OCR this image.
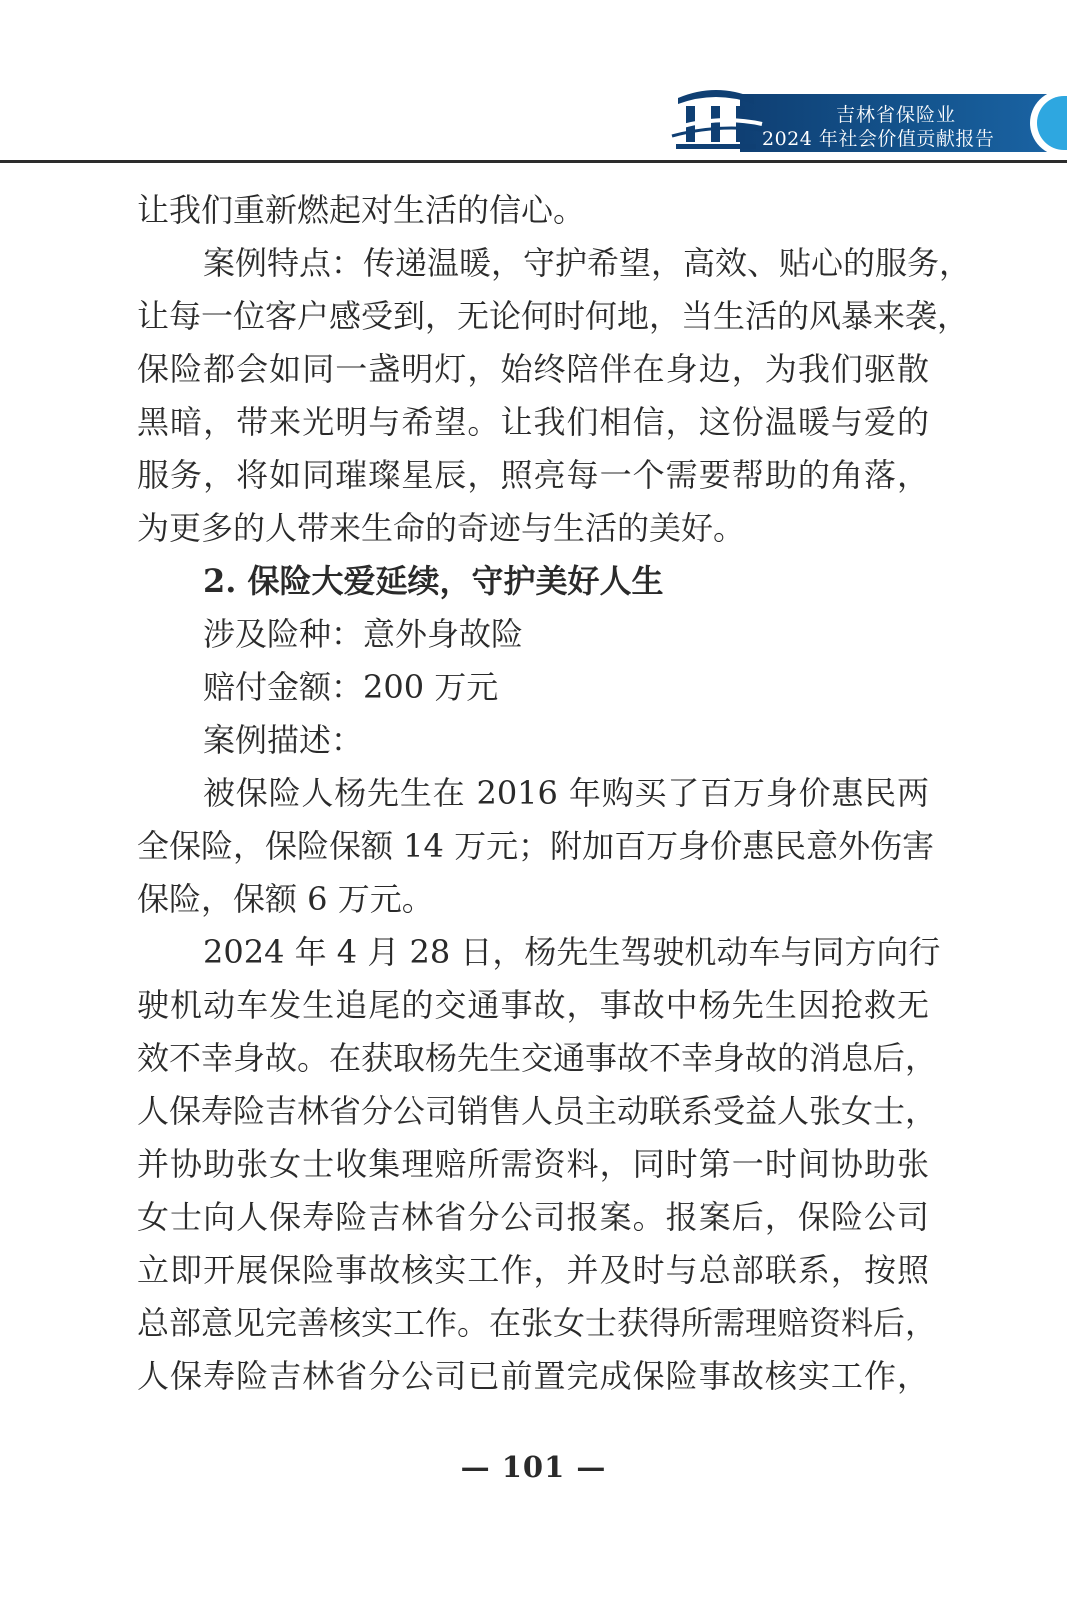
吉林省保险业
2024 年社会价值贡献报告
让我们重新燃起对生活的信心。
案例特点：传递温暖，守护希望，高效、贴心的服务，
让每一位客户感受到，无论何时何地，当生活的风暴来袭，
保险都会如同一盏明灯，始终陪伴在身边，为我们驱散
黑暗，带来光明与希望。让我们相信，这份温暖与爱的
服务，将如同璀璨星辰，照亮每一个需要帮助的角落，
为更多的人带来生命的奇迹与生活的美好。
2. 保险大爱延续，守护美好人生
涉及险种：意外身故险
赔付金额：200 万元
案例描述：
被保险人杨先生在 2016 年购买了百万身价惠民两
全保险，保险保额 14 万元；附加百万身价惠民意外伤害
保险，保额 6 万元。
2024 年 4 月 28 日，杨先生驾驶机动车与同方向行
驶机动车发生追尾的交通事故，事故中杨先生因抢救无
效不幸身故。在获取杨先生交通事故不幸身故的消息后，
人保寿险吉林省分公司销售人员主动联系受益人张女士，
并协助张女士收集理赔所需资料，同时第一时间协助张
女士向人保寿险吉林省分公司报案。报案后，保险公司
立即开展保险事故核实工作，并及时与总部联系，按照
总部意见完善核实工作。在张女士获得所需理赔资料后，
人保寿险吉林省分公司已前置完成保险事故核实工作，
— 101 —
